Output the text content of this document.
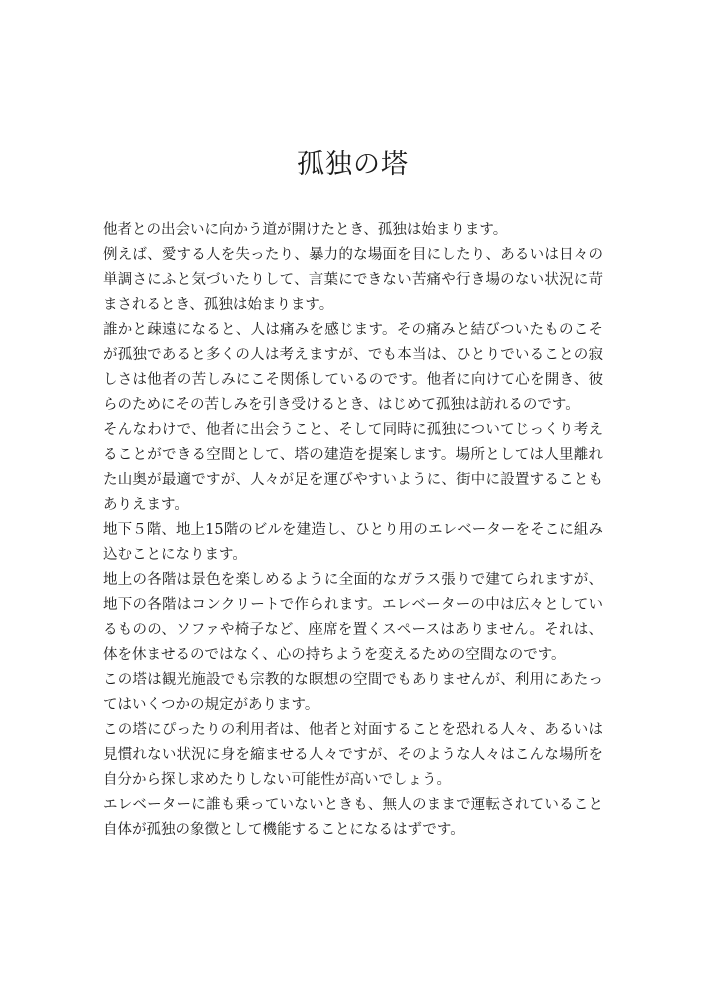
孤独の塔

他者との出会いに向かう道が開けたとき、孤独は始まります。

例えば、愛する人を失ったり、暴力的な場面を目にしたり、あるいは日々の単調さにふと気づいたりして、言葉にできない苦痛や行き場のない状況に苛まされるとき、孤独は始まります。

誰かと疎遠になると、人は痛みを感じます。その痛みと結びついたものこそが孤独であると多くの人は考えますが、でも本当は、ひとりでいることの寂しさは他者の苦しみにこそ関係しているのです。他者に向けて心を開き、彼らのためにその苦しみを引き受けるとき、はじめて孤独は訪れるのです。

そんなわけで、他者に出会うこと、そして同時に孤独についてじっくり考えることができる空間として、塔の建造を提案します。場所としては人里離れた山奥が最適ですが、人々が足を運びやすいように、街中に設置することもありえます。

地下５階、地上15階のビルを建造し、ひとり用のエレベーターをそこに組み込むことになります。

地上の各階は景色を楽しめるように全面的なガラス張りで建てられますが、地下の各階はコンクリートで作られます。エレベーターの中は広々としているものの、ソファや椅子など、座席を置くスペースはありません。それは、体を休ませるのではなく、心の持ちようを変えるための空間なのです。

この塔は観光施設でも宗教的な瞑想の空間でもありませんが、利用にあたってはいくつかの規定があります。

この塔にぴったりの利用者は、他者と対面することを恐れる人々、あるいは見慣れない状況に身を縮ませる人々ですが、そのような人々はこんな場所を自分から探し求めたりしない可能性が高いでしょう。

エレベーターに誰も乗っていないときも、無人のままで運転されていること自体が孤独の象徴として機能することになるはずです。
